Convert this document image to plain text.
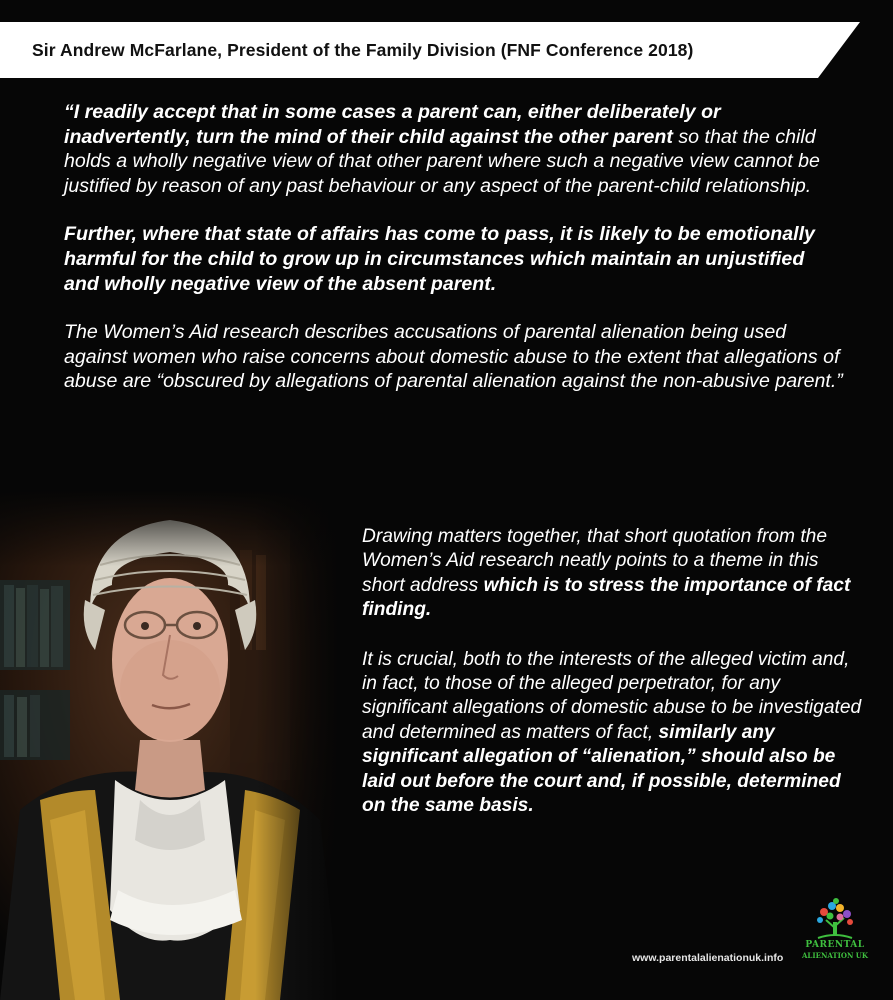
Sir Andrew McFarlane, President of the Family Division (FNF Conference 2018)

“I readily accept that in some cases a parent can, either deliberately or inadvertently, turn the mind of their child against the other parent so that the child holds a wholly negative view of that other parent where such a negative view cannot be justified by reason of any past behaviour or any aspect of the parent-child relationship.

Further, where that state of affairs has come to pass, it is likely to be emotionally harmful for the child to grow up in circumstances which maintain an unjustified and wholly negative view of the absent parent.

The Women’s Aid research describes accusations of parental alienation being used against women who raise concerns about domestic abuse to the extent that allegations of abuse are “obscured by allegations of parental alienation against the non-abusive parent.”

Drawing matters together, that short quotation from the Women’s Aid research neatly points to a theme in this short address which is to stress the importance of fact finding.

It is crucial, both to the interests of the alleged victim and, in fact, to those of the alleged perpetrator, for any significant allegations of domestic abuse to be investigated and determined as matters of fact, similarly any significant allegation of “alienation,” should also be laid out before the court and, if possible, determined on the same basis.

www.parentalalienationuk.info
PARENTAL
ALIENATION UK
